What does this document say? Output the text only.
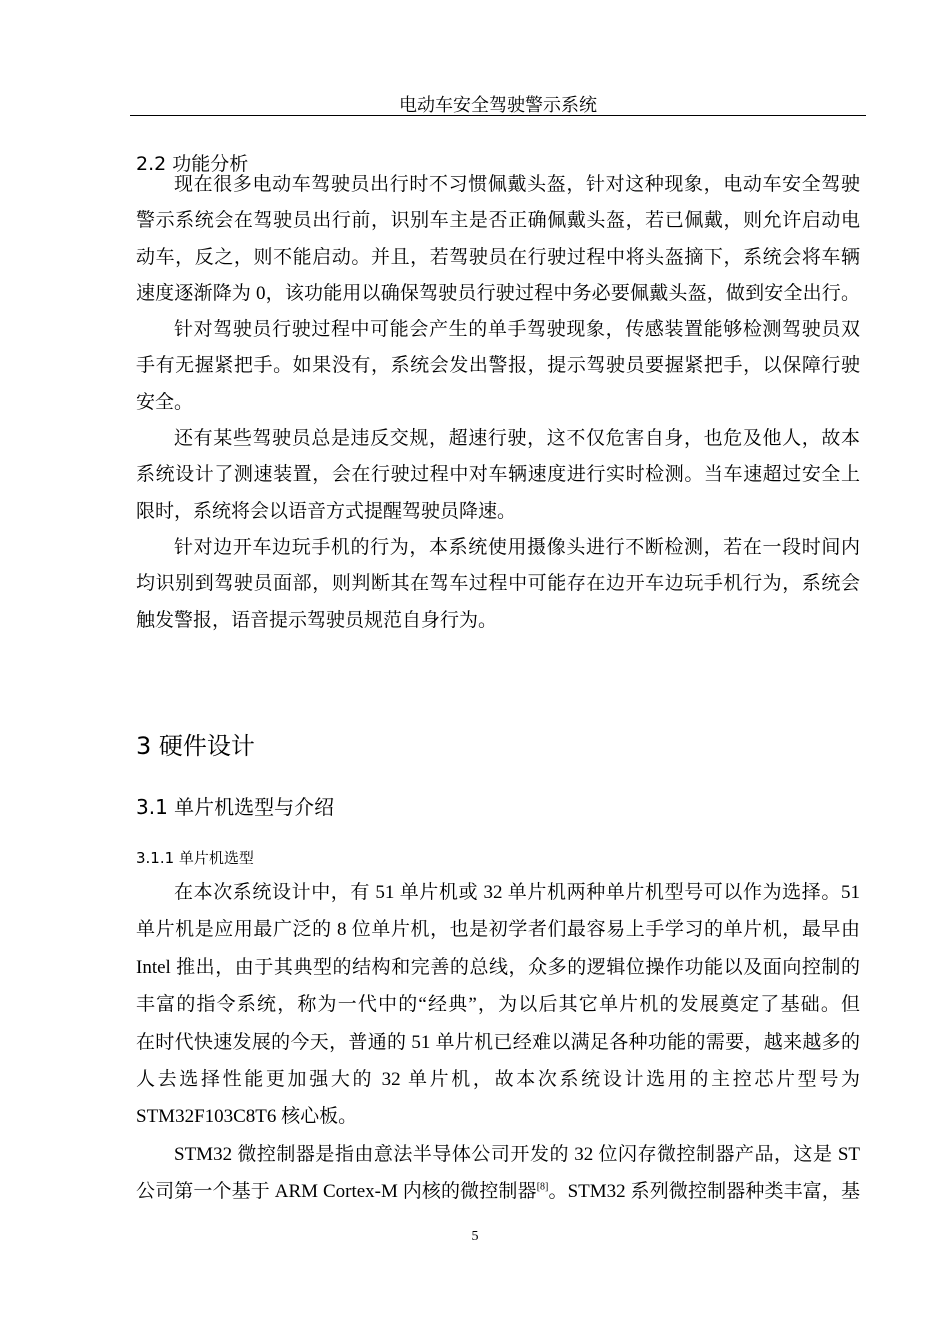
电动车安全驾驶警示系统
2.2 功能分析
现在很多电动车驾驶员出行时不习惯佩戴头盔，针对这种现象，电动车安全驾驶
警示系统会在驾驶员出行前，识别车主是否正确佩戴头盔，若已佩戴，则允许启动电
动车，反之，则不能启动。并且，若驾驶员在行驶过程中将头盔摘下，系统会将车辆
速度逐渐降为 0，该功能用以确保驾驶员行驶过程中务必要佩戴头盔，做到安全出行。
针对驾驶员行驶过程中可能会产生的单手驾驶现象，传感装置能够检测驾驶员双
手有无握紧把手。如果没有，系统会发出警报，提示驾驶员要握紧把手，以保障行驶
安全。
还有某些驾驶员总是违反交规，超速行驶，这不仅危害自身，也危及他人，故本
系统设计了测速装置，会在行驶过程中对车辆速度进行实时检测。当车速超过安全上
限时，系统将会以语音方式提醒驾驶员降速。
针对边开车边玩手机的行为，本系统使用摄像头进行不断检测，若在一段时间内
均识别到驾驶员面部，则判断其在驾车过程中可能存在边开车边玩手机行为，系统会
触发警报，语音提示驾驶员规范自身行为。
3 硬件设计
3.1 单片机选型与介绍
3.1.1 单片机选型
在本次系统设计中，有 51 单片机或 32 单片机两种单片机型号可以作为选择。51
单片机是应用最广泛的 8 位单片机，也是初学者们最容易上手学习的单片机，最早由
Intel 推出，由于其典型的结构和完善的总线，众多的逻辑位操作功能以及面向控制的
丰富的指令系统，称为一代中的“经典”，为以后其它单片机的发展奠定了基础。但
在时代快速发展的今天，普通的 51 单片机已经难以满足各种功能的需要，越来越多的
人去选择性能更加强大的 32 单片机，故本次系统设计选用的主控芯片型号为
STM32F103C8T6 核心板。
STM32 微控制器是指由意法半导体公司开发的 32 位闪存微控制器产品，这是 ST
公司第一个基于 ARM Cortex-M 内核的微控制器[8]。STM32 系列微控制器种类丰富，基
5
